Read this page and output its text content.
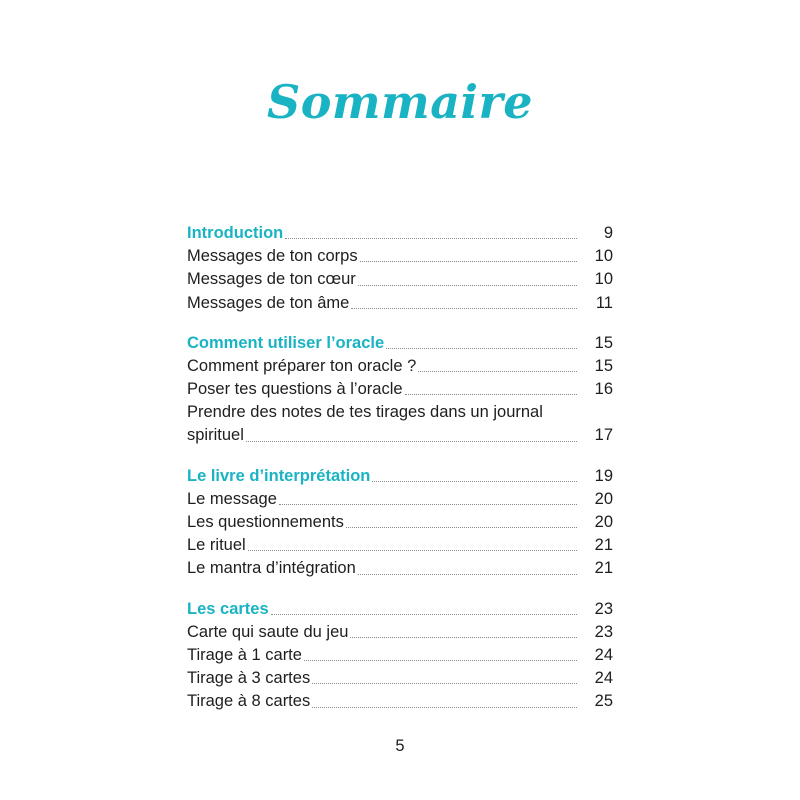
Sommaire
Introduction	9
Messages de ton corps	10
Messages de ton cœur	10
Messages de ton âme	11
Comment utiliser l’oracle	15
Comment préparer ton oracle ?	15
Poser tes questions à l’oracle	16
Prendre des notes de tes tirages dans un journal
spirituel	17
Le livre d’interprétation	19
Le message	20
Les questionnements	20
Le rituel	21
Le mantra d’intégration	21
Les cartes	23
Carte qui saute du jeu	23
Tirage à 1 carte	24
Tirage à 3 cartes	24
Tirage à 8 cartes	25
5
